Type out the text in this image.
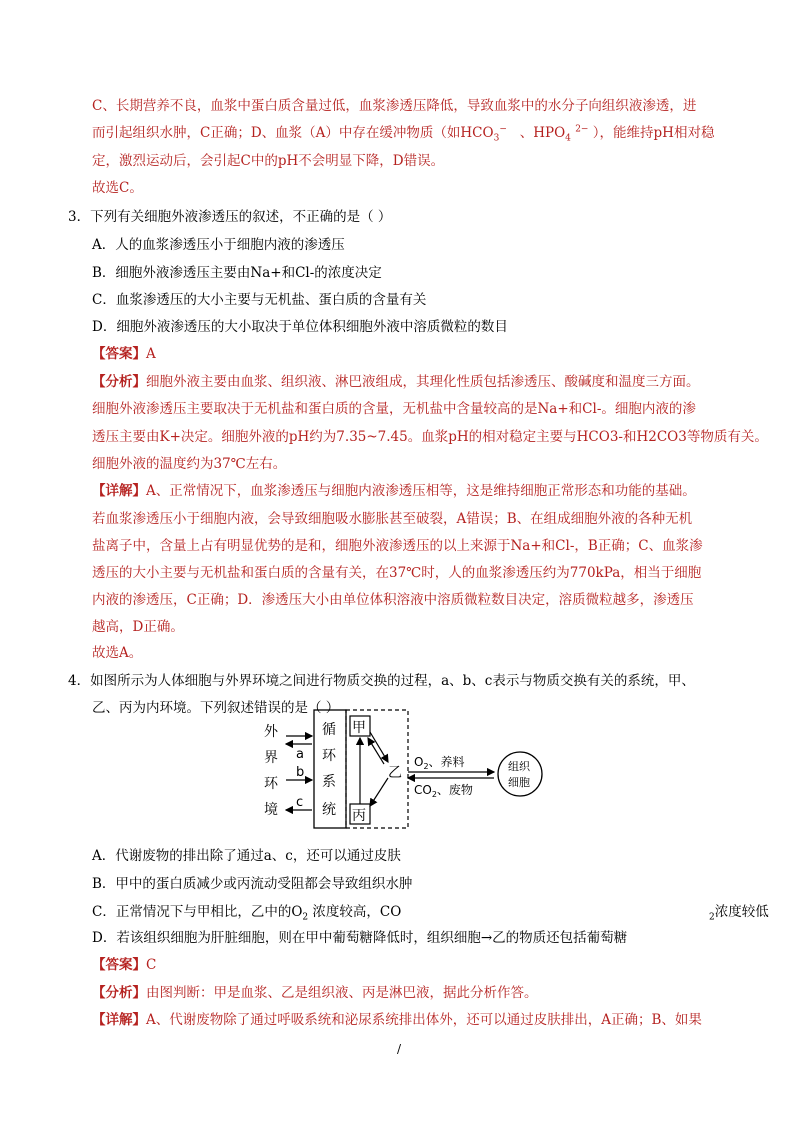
C、长期营养不良，血浆中蛋白质含量过低，血浆渗透压降低，导致血浆中的水分子向组织液渗透，进
而引起组织水肿，C正确；D、血浆（A）中存在缓冲物质（如$HCO_3^-$ 、$HPO_4$ $^{2-}$ ），能维持pH相对稳
定，激烈运动后，会引起C中的pH不会明显下降，D错误。
故选C。
3．下列有关细胞外液渗透压的叙述，不正确的是（ ）
A．人的血浆渗透压小于细胞内液的渗透压
B．细胞外液渗透压主要由Na+和Cl-的浓度决定
C．血浆渗透压的大小主要与无机盐、蛋白质的含量有关
D．细胞外液渗透压的大小取决于单位体积细胞外液中溶质微粒的数目
【答案】A
【分析】细胞外液主要由血浆、组织液、淋巴液组成，其理化性质包括渗透压、酸碱度和温度三方面。
细胞外液渗透压主要取决于无机盐和蛋白质的含量，无机盐中含量较高的是Na+和Cl-。细胞内液的渗
透压主要由K+决定。细胞外液的pH约为7.35~7.45。血浆pH的相对稳定主要与HCO3-和H2CO3等物质有关。
细胞外液的温度约为37℃左右。
【详解】A、正常情况下，血浆渗透压与细胞内液渗透压相等，这是维持细胞正常形态和功能的基础。
若血浆渗透压小于细胞内液，会导致细胞吸水膨胀甚至破裂，A错误；B、在组成细胞外液的各种无机
盐离子中，含量上占有明显优势的是和，细胞外液渗透压的以上来源于Na+和Cl-，B正确；C、血浆渗
透压的大小主要与无机盐和蛋白质的含量有关，在37℃时，人的血浆渗透压约为770kPa，相当于细胞
内液的渗透压，C正确；D．渗透压大小由单位体积溶液中溶质微粒数目决定，溶质微粒越多，渗透压
越高，D正确。
故选A。
4．如图所示为人体细胞与外界环境之间进行物质交换的过程，a、b、c表示与物质交换有关的系统，甲、
乙、丙为内环境。下列叙述错误的是（ ）
外
界
环
境
a
b
c
循
环
系
统
甲
丙
乙
$O_2$、养料
$CO_2$、废物
组织
细胞
A．代谢废物的排出除了通过a、c，还可以通过皮肤
B．甲中的蛋白质减少或丙流动受阻都会导致组织水肿
C．正常情况下与甲相比，乙中的$O_2$ 浓度较高，CO	$_2$浓度较低
D．若该组织细胞为肝脏细胞，则在甲中葡萄糖降低时，组织细胞→乙的物质还包括葡萄糖
【答案】C
【分析】由图判断：甲是血浆、乙是组织液、丙是淋巴液，据此分析作答。
【详解】A、代谢废物除了通过呼吸系统和泌尿系统排出体外，还可以通过皮肤排出，A正确；B、如果
/
